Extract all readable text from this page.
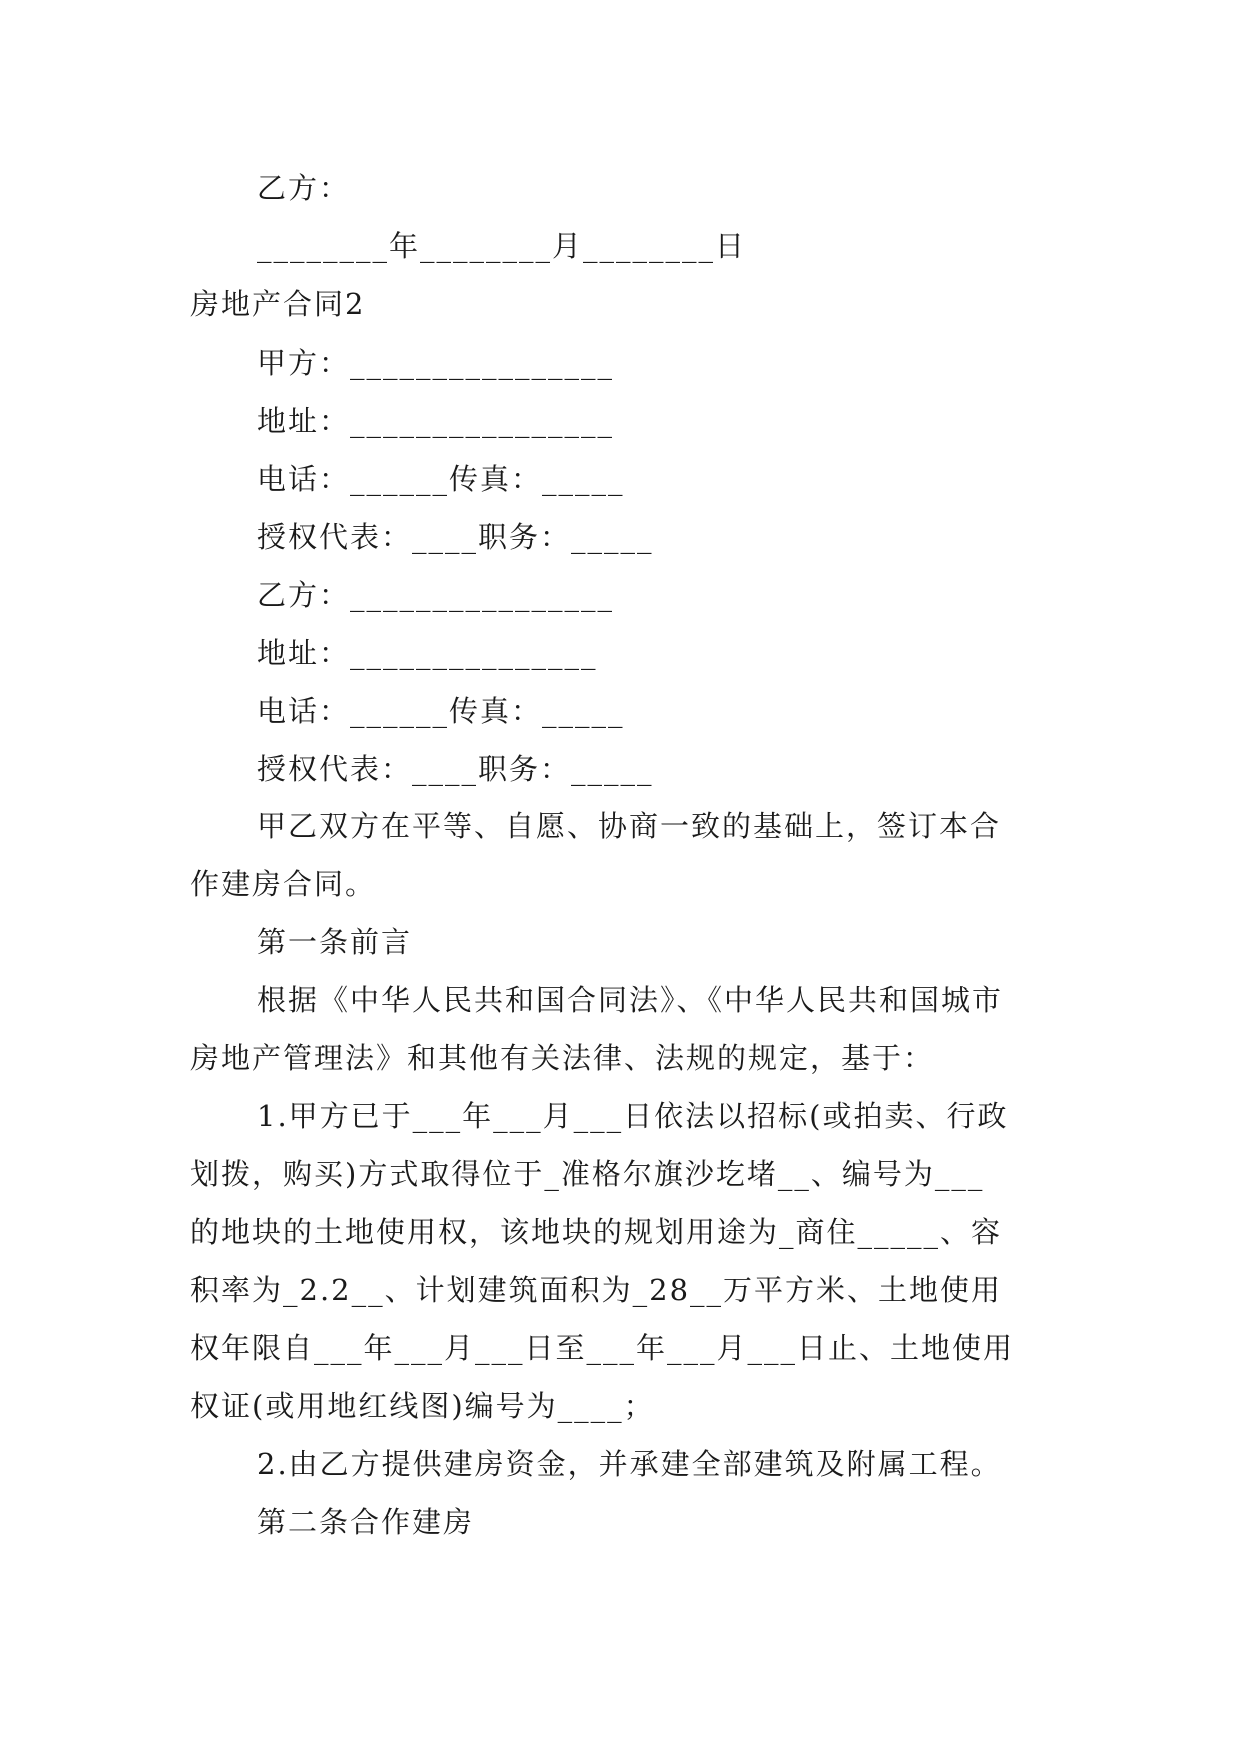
乙方：
________年________月________日
房地产合同2
甲方：________________
地址：________________
电话：______传真：_____
授权代表：____职务：_____
乙方：________________
地址：_______________
电话：______传真：_____
授权代表：____职务：_____
甲乙双方在平等、自愿、协商一致的基础上，签订本合
作建房合同。
第一条前言
根据《中华人民共和国合同法》、《中华人民共和国城市
房地产管理法》和其他有关法律、法规的规定，基于：
1.甲方已于___年___月___日依法以招标(或拍卖、行政
划拨，购买)方式取得位于_准格尔旗沙圪堵__、编号为___
的地块的土地使用权，该地块的规划用途为_商住_____、容
积率为_2.2__、计划建筑面积为_28__万平方米、土地使用
权年限自___年___月___日至___年___月___日止、土地使用
权证(或用地红线图)编号为____；
2.由乙方提供建房资金，并承建全部建筑及附属工程。
第二条合作建房
